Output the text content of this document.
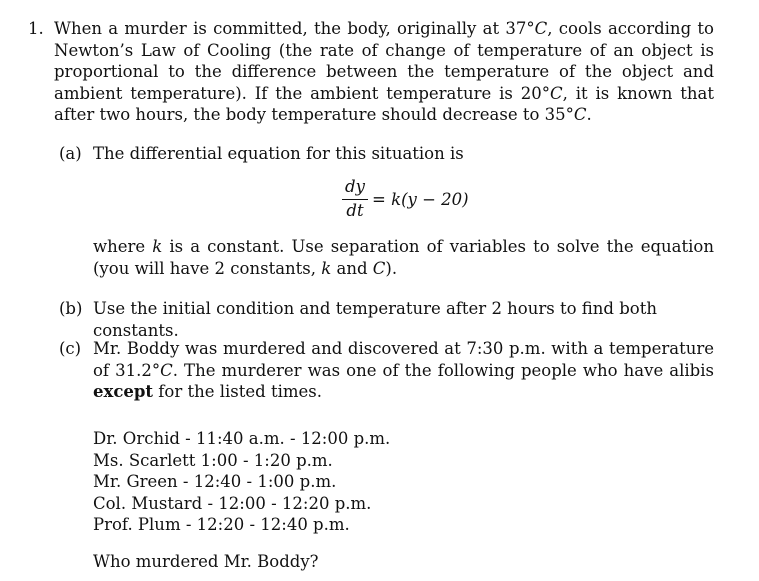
1. When a murder is committed, the body, originally at 37°C, cools according to Newton’s Law of Cooling (the rate of change of temperature of an object is proportional to the difference between the temperature of the object and ambient temperature). If the ambient temperature is 20°C, it is known that after two hours, the body temperature should decrease to 35°C.
(a) The differential equation for this situation is
dy
dt
= k(y − 20)
where k is a constant. Use separation of variables to solve the equation (you will have 2 constants, k and C).
(b) Use the initial condition and temperature after 2 hours to find both constants.
(c) Mr. Boddy was murdered and discovered at 7:30 p.m. with a temperature of 31.2°C. The murderer was one of the following people who have alibis except for the listed times.
Dr. Orchid - 11:40 a.m. - 12:00 p.m.
Ms. Scarlett 1:00 - 1:20 p.m.
Mr. Green - 12:40 - 1:00 p.m.
Col. Mustard - 12:00 - 12:20 p.m.
Prof. Plum - 12:20 - 12:40 p.m.
Who murdered Mr. Boddy?
